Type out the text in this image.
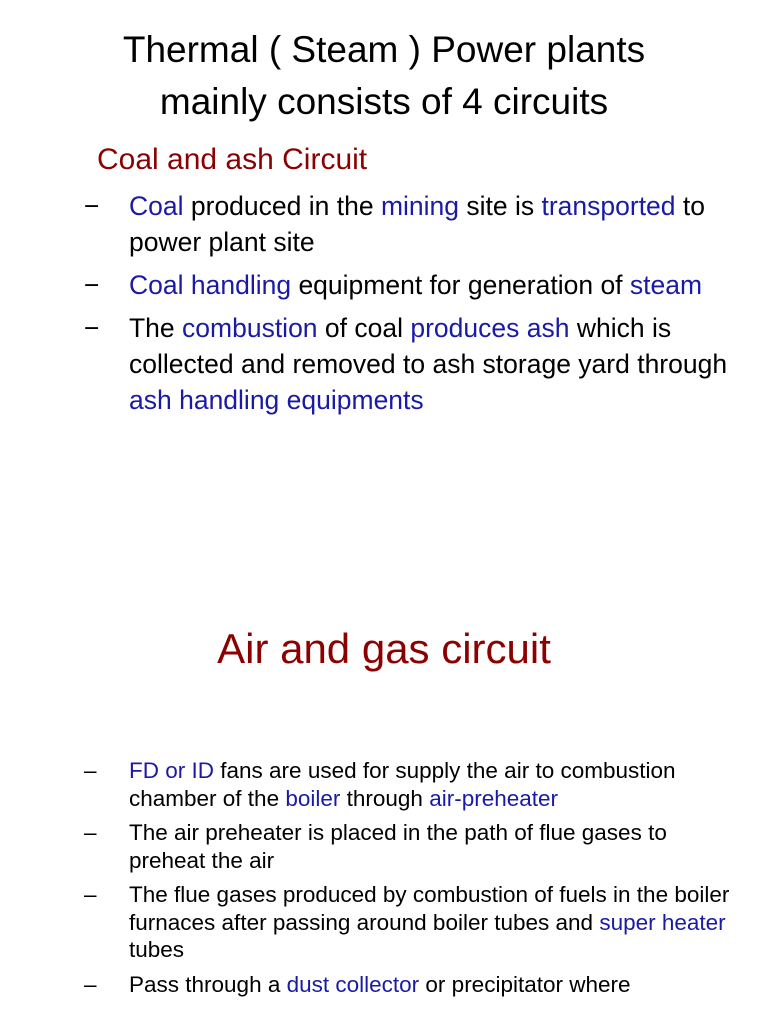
Thermal ( Steam ) Power plants
mainly consists of 4 circuits
Coal and ash Circuit
− Coal produced in the mining site is transported to power plant site
− Coal handling equipment for generation of steam
− The combustion of coal produces ash which is collected and removed to ash storage yard through ash handling equipments
Air and gas circuit
– FD or ID fans are used for supply the air to combustion chamber of the boiler through air-preheater
– The air preheater is placed in the path of flue gases to preheat the air
– The flue gases produced by combustion of fuels in the boiler furnaces after passing around boiler tubes and super heater tubes
– Pass through a dust collector or precipitator where
